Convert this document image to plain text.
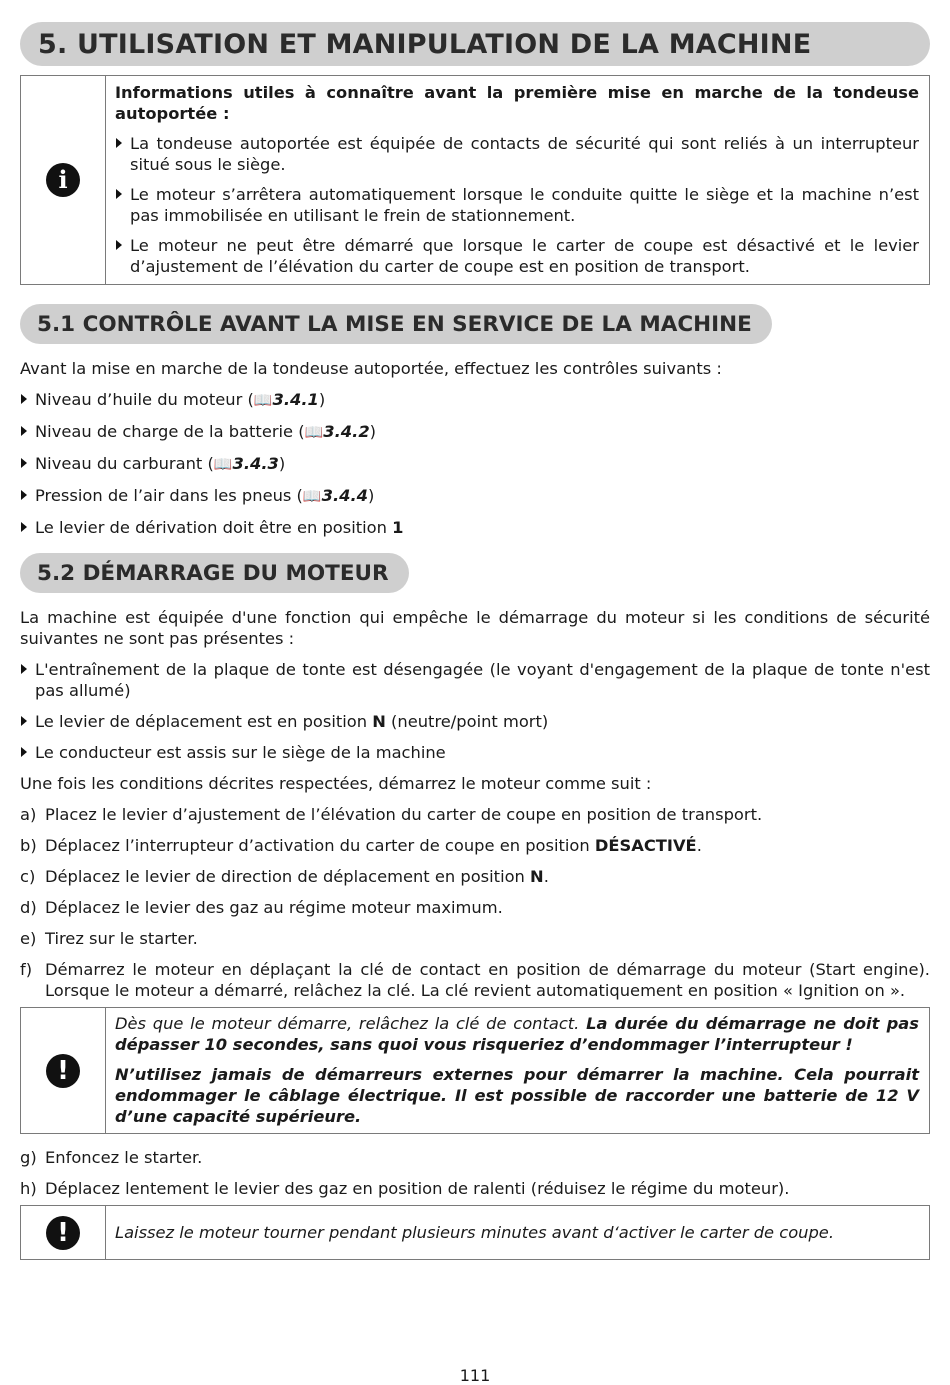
5. UTILISATION ET MANIPULATION DE LA MACHINE
i

Informations utiles à connaître avant la première mise en marche de la tondeuse autoportée :

La tondeuse autoportée est équipée de contacts de sécurité qui sont reliés à un interrupteur situé sous le siège.
Le moteur s’arrêtera automatiquement lorsque le conduite quitte le siège et la machine n’est pas immobilisée en utilisant le frein de stationnement.
Le moteur ne peut être démarré que lorsque le carter de coupe est désactivé et le levier d’ajustement de l’élévation du carter de coupe est en position de transport.
5.1 CONTRÔLE AVANT LA MISE EN SERVICE DE LA MACHINE

Avant la mise en marche de la tondeuse autoportée, effectuez les contrôles suivants :

Niveau d’huile du moteur (📖3.4.1)
Niveau de charge de la batterie (📖3.4.2)
Niveau du carburant (📖3.4.3)
Pression de l’air dans les pneus (📖3.4.4)
Le levier de dérivation doit être en position 1
5.2 DÉMARRAGE DU MOTEUR

La machine est équipée d'une fonction qui empêche le démarrage du moteur si les conditions de sécurité suivantes ne sont pas présentes :

L'entraînement de la plaque de tonte est désengagée (le voyant d'engagement de la plaque de tonte n'est pas allumé)
Le levier de déplacement est en position N (neutre/point mort)
Le conducteur est assis sur le siège de la machine

Une fois les conditions décrites respectées, démarrez le moteur comme suit :

a) Placez le levier d’ajustement de l’élévation du carter de coupe en position de transport.
b) Déplacez l’interrupteur d’activation du carter de coupe en position DÉSACTIVÉ.
c) Déplacez le levier de direction de déplacement en position N.
d) Déplacez le levier des gaz au régime moteur maximum.
e) Tirez sur le starter.
f) Démarrez le moteur en déplaçant la clé de contact en position de démarrage du moteur (Start engine). Lorsque le moteur a démarré, relâchez la clé. La clé revient automatiquement en position « Ignition on ».
!

Dès que le moteur démarre, relâchez la clé de contact. La durée du démarrage ne doit pas dépasser 10 secondes, sans quoi vous risqueriez d’endommager l’interrupteur !

N’utilisez jamais de démarreurs externes pour démarrer la machine. Cela pourrait endommager le câblage électrique. Il est possible de raccorder une batterie de 12 V d’une capacité supérieure.

g) Enfoncez le starter.
h) Déplacez lentement le levier des gaz en position de ralenti (réduisez le régime du moteur).
!	Laissez le moteur tourner pendant plusieurs minutes avant d‘activer le carter de coupe.

111
